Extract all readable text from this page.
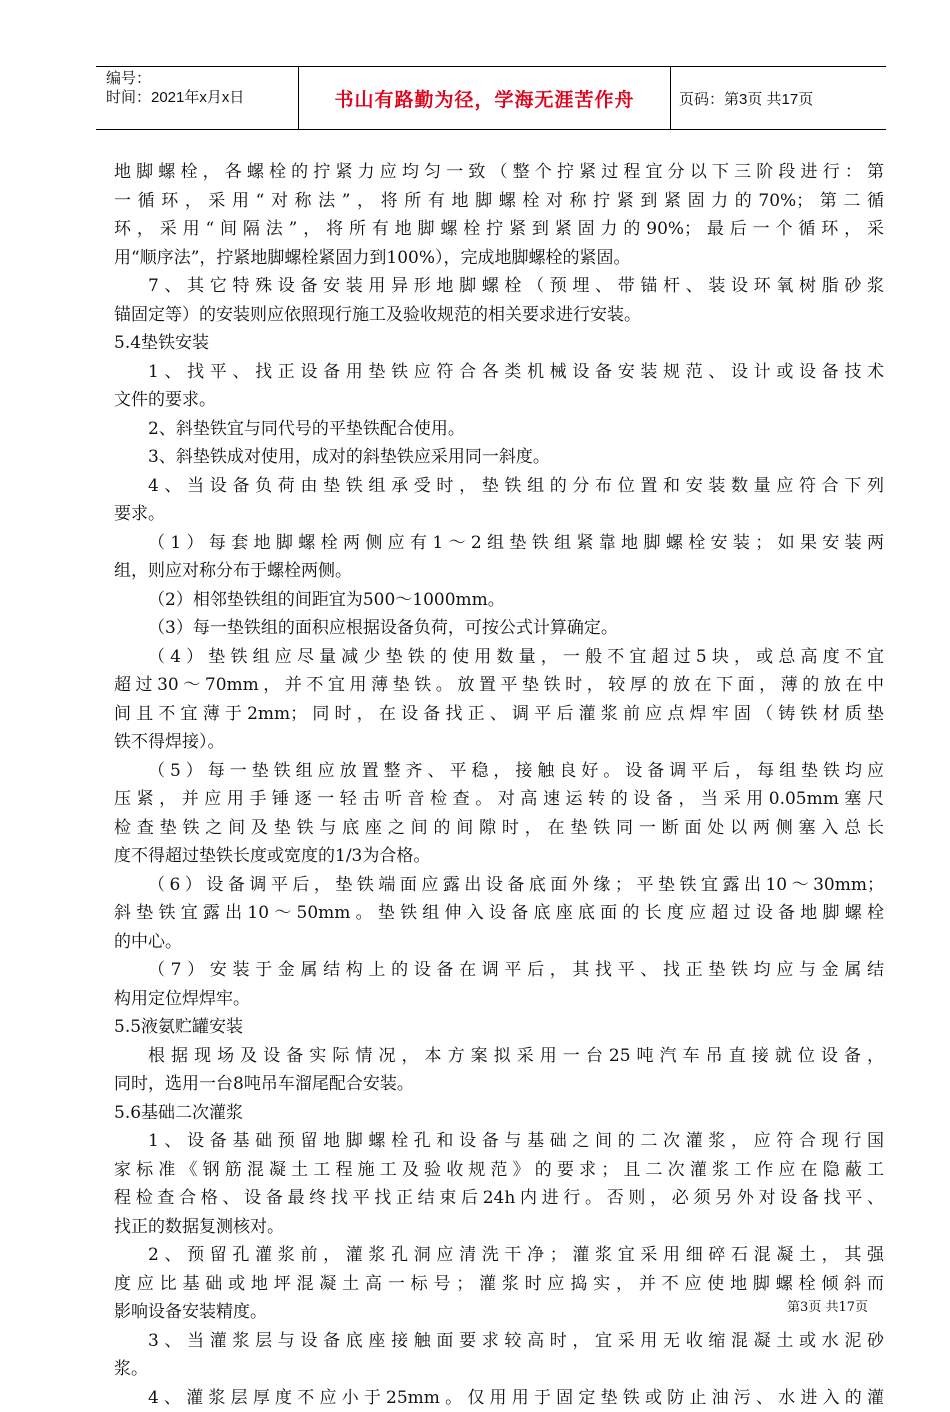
编号：
时间：2021年x月x日	书山有路勤为径，学海无涯苦作舟	页码：第3页 共17页
地脚螺栓，各螺栓的拧紧力应均匀一致（整个拧紧过程宜分以下三阶段进行：第
一循环，采用“对称法”，将所有地脚螺栓对称拧紧到紧固力的70%；第二循
环，采用“间隔法”，将所有地脚螺栓拧紧到紧固力的90%；最后一个循环，采
用“顺序法”，拧紧地脚螺栓紧固力到100%），完成地脚螺栓的紧固。
7、其它特殊设备安装用异形地脚螺栓（预埋、带锚杆、装设环氧树脂砂浆
锚固定等）的安装则应依照现行施工及验收规范的相关要求进行安装。
5.4垫铁安装
1、找平、找正设备用垫铁应符合各类机械设备安装规范、设计或设备技术
文件的要求。
2、斜垫铁宜与同代号的平垫铁配合使用。
3、斜垫铁成对使用，成对的斜垫铁应采用同一斜度。
4、当设备负荷由垫铁组承受时，垫铁组的分布位置和安装数量应符合下列
要求。
（1）每套地脚螺栓两侧应有1～2组垫铁组紧靠地脚螺栓安装；如果安装两
组，则应对称分布于螺栓两侧。
（2）相邻垫铁组的间距宜为500～1000mm。
（3）每一垫铁组的面积应根据设备负荷，可按公式计算确定。
（4）垫铁组应尽量减少垫铁的使用数量，一般不宜超过5块，或总高度不宜
超过30～70mm，并不宜用薄垫铁。放置平垫铁时，较厚的放在下面，薄的放在中
间且不宜薄于2mm；同时，在设备找正、调平后灌浆前应点焊牢固（铸铁材质垫
铁不得焊接）。
（5）每一垫铁组应放置整齐、平稳，接触良好。设备调平后，每组垫铁均应
压紧，并应用手锤逐一轻击听音检查。对高速运转的设备，当采用0.05mm塞尺
检查垫铁之间及垫铁与底座之间的间隙时，在垫铁同一断面处以两侧塞入总长
度不得超过垫铁长度或宽度的1/3为合格。
（6）设备调平后，垫铁端面应露出设备底面外缘；平垫铁宜露出10～30mm；
斜垫铁宜露出10～50mm。垫铁组伸入设备底座底面的长度应超过设备地脚螺栓
的中心。
（7）安装于金属结构上的设备在调平后，其找平、找正垫铁均应与金属结
构用定位焊焊牢。
5.5液氨贮罐安装
根据现场及设备实际情况，本方案拟采用一台25吨汽车吊直接就位设备，
同时，选用一台8吨吊车溜尾配合安装。
5.6基础二次灌浆
1、设备基础预留地脚螺栓孔和设备与基础之间的二次灌浆，应符合现行国
家标准《钢筋混凝土工程施工及验收规范》的要求；且二次灌浆工作应在隐蔽工
程检查合格、设备最终找平找正结束后24h内进行。否则，必须另外对设备找平、
找正的数据复测核对。
2、预留孔灌浆前，灌浆孔洞应清洗干净；灌浆宜采用细碎石混凝土，其强
度应比基础或地坪混凝土高一标号；灌浆时应捣实，并不应使地脚螺栓倾斜而
影响设备安装精度。
3、当灌浆层与设备底座接触面要求较高时，宜采用无收缩混凝土或水泥砂
浆。
4、灌浆层厚度不应小于25mm。仅用用于固定垫铁或防止油污、水进入的灌
第3页 共17页
